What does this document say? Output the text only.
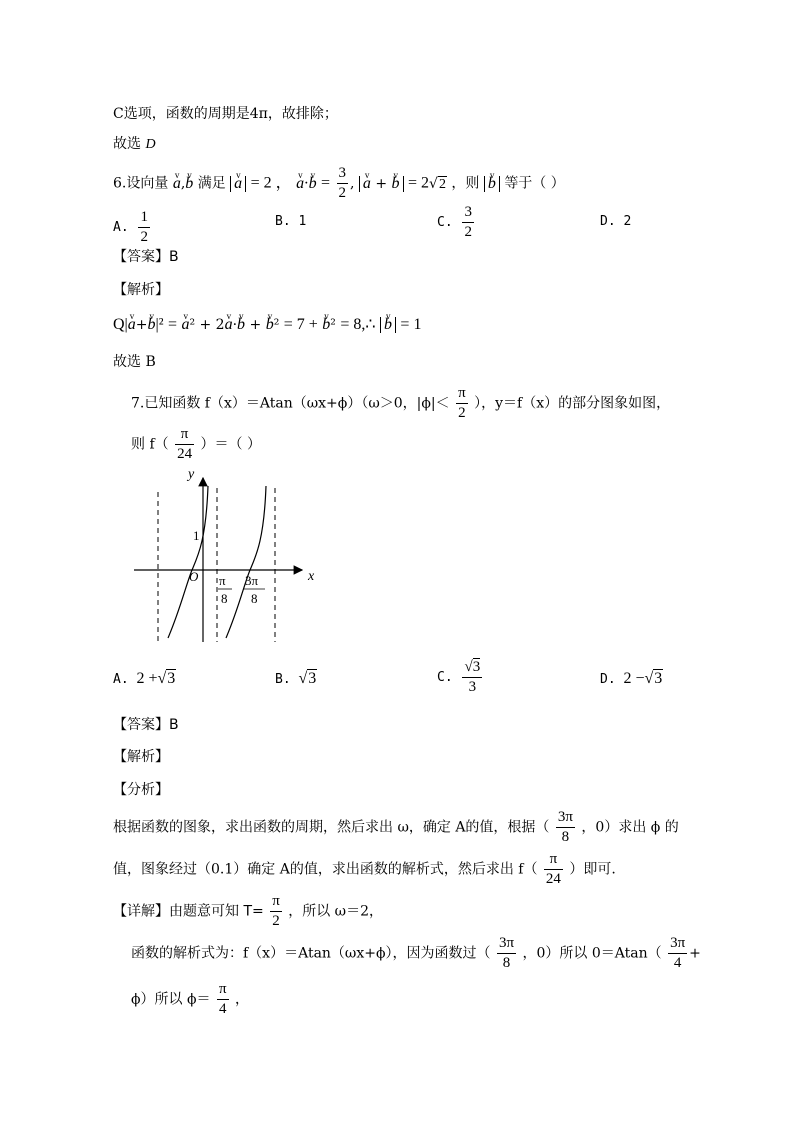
C选项，函数的周期是4π，故排除；
故选 D
6.设向量 v a,v b 满足 v a = 2 ， v a·v $b = \frac{3}{2}$ , v a + v b = 2√2 ，则 v b 等于（ ）
A. $\frac{1}{2}$	B. 1	C. $\frac{3}{2}$	D. 2
【答案】B
【解析】
Q|v a+v b|² = v a² + 2v a·v b + v b² = 7 + v b² = 8,∴ v b = 1
故选 B
7.已知函数 f（x）＝Atan（ωx+ϕ）（ω＞0，$|\phi|< \frac{\pi}{2}$ ），y＝f（x）的部分图象如图，
则 $f( \frac{\pi}{24}$ ）＝（ ）
y
x
O
1
π
8
3π
8
A. 2 +√3	B. √3	C. $\frac{√3}{3}$	D. 2 −√3
【答案】B
【解析】
【分析】
根据函数的图象，求出函数的周期，然后求出 ω，确定 A的值，根据（ $\frac{3\pi}{8}$ ，0）求出 ϕ 的
值，图象经过（0.1）确定 A的值，求出函数的解析式，然后求出 $f( \frac{\pi}{24}$ ）即可.
【详解】由题意可知 $T= \frac{\pi}{2}$ ，所以 ω＝2，
函数的解析式为：f（x）＝Atan（ωx+ϕ），因为函数过（ $\frac{3\pi}{8}$ ，0）所以 $0=Atan( \frac{3\pi}{4}$ +
ϕ）所以 $\phi= \frac{\pi}{4}$ ，
